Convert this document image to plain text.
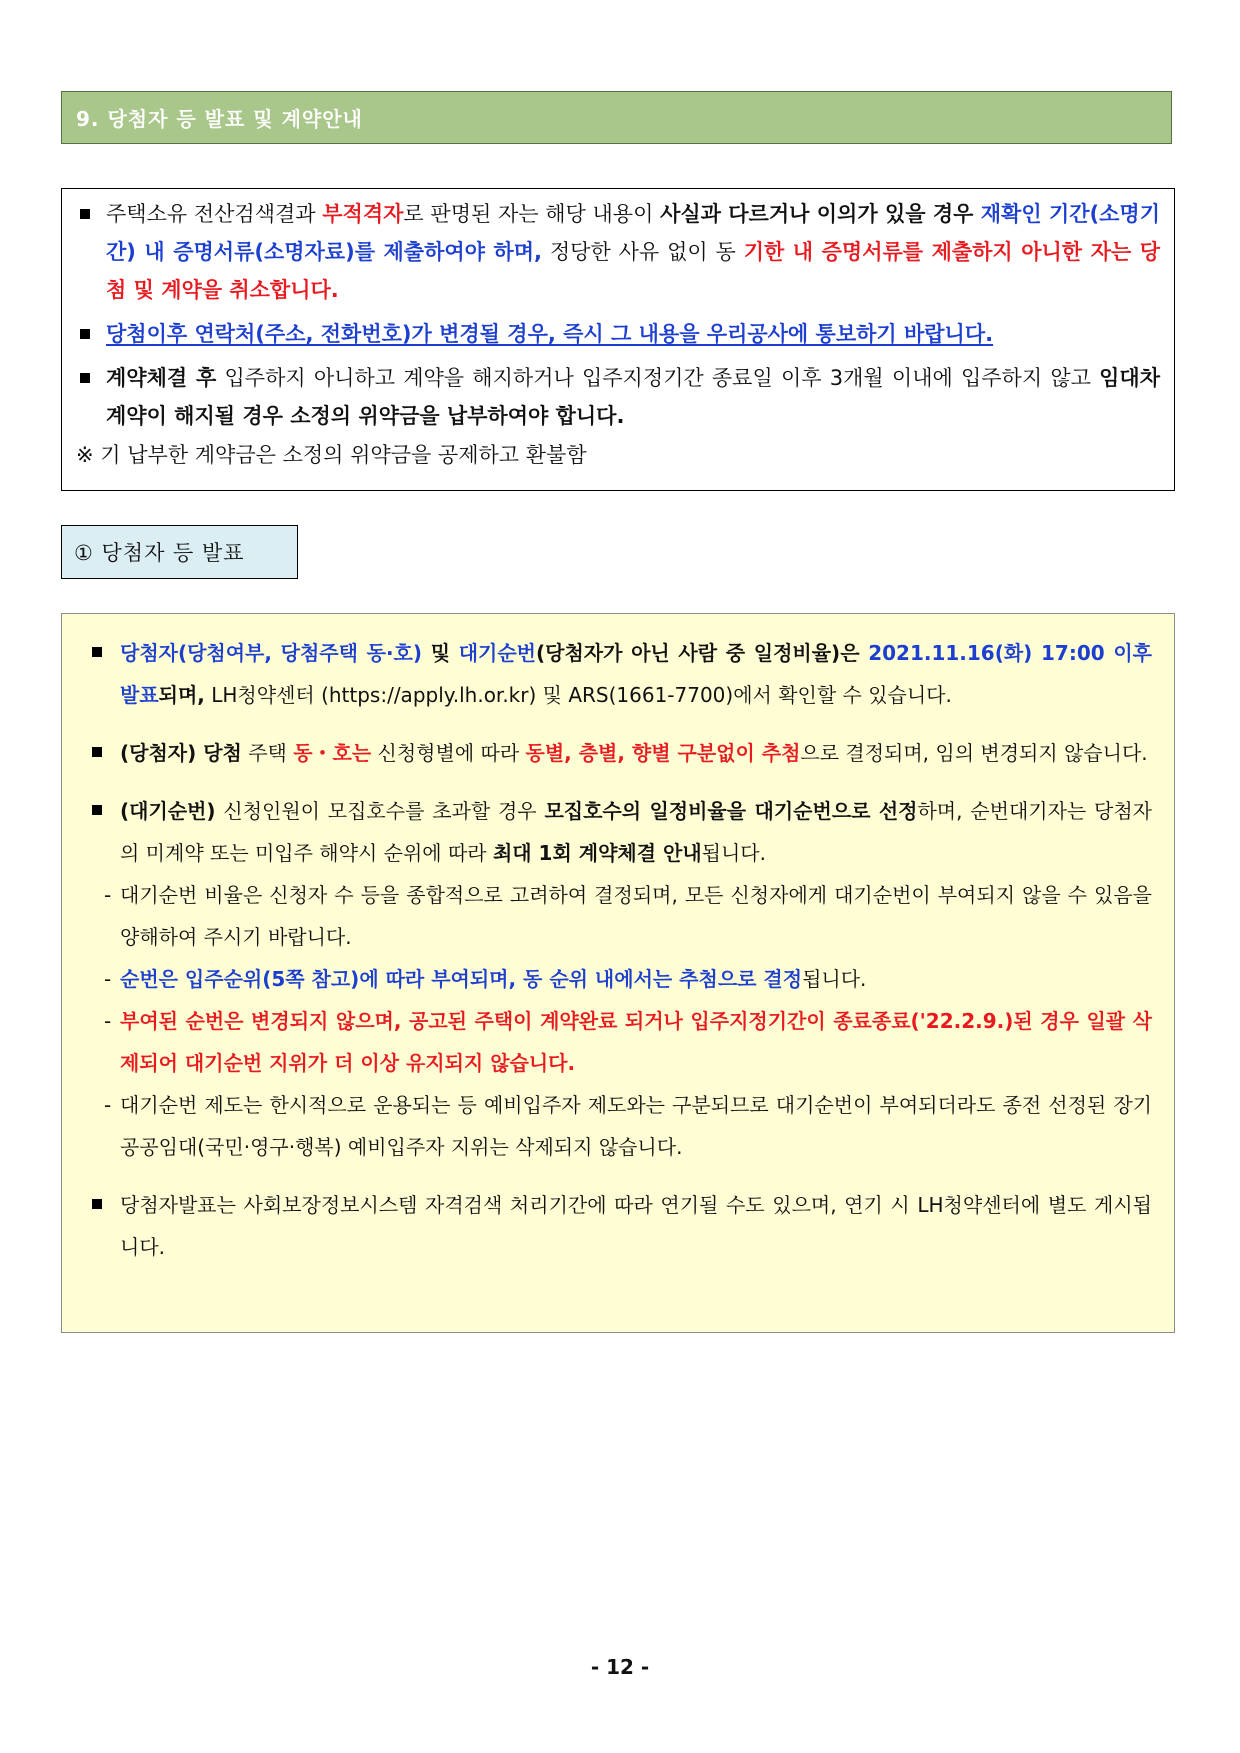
9. 당첨자 등 발표 및 계약안내
주택소유 전산검색결과 부적격자로 판명된 자는 해당 내용이 사실과 다르거나 이의가 있을 경우 재확인 기간(소명기간) 내 증명서류(소명자료)를 제출하여야 하며, 정당한 사유 없이 동 기한 내 증명서류를 제출하지 아니한 자는 당첨 및 계약을 취소합니다.
당첨이후 연락처(주소, 전화번호)가 변경될 경우, 즉시 그 내용을 우리공사에 통보하기 바랍니다.
계약체결 후 입주하지 아니하고 계약을 해지하거나 입주지정기간 종료일 이후 3개월 이내에 입주하지 않고 임대차계약이 해지될 경우 소정의 위약금을 납부하여야 합니다.
※ 기 납부한 계약금은 소정의 위약금을 공제하고 환불함
① 당첨자 등 발표
당첨자(당첨여부, 당첨주택 동·호) 및 대기순번(당첨자가 아닌 사람 중 일정비율)은 2021.11.16(화) 17:00 이후 발표되며, LH청약센터 (https://apply.lh.or.kr) 및 ARS(1661-7700)에서 확인할 수 있습니다.
(당첨자) 당첨 주택 동・호는 신청형별에 따라 동별, 층별, 향별 구분없이 추첨으로 결정되며, 임의 변경되지 않습니다.
(대기순번) 신청인원이 모집호수를 초과할 경우 모집호수의 일정비율을 대기순번으로 선정하며, 순번대기자는 당첨자의 미계약 또는 미입주 해약시 순위에 따라 최대 1회 계약체결 안내됩니다.
- 대기순번 비율은 신청자 수 등을 종합적으로 고려하여 결정되며, 모든 신청자에게 대기순번이 부여되지 않을 수 있음을 양해하여 주시기 바랍니다.
- 순번은 입주순위(5쪽 참고)에 따라 부여되며, 동 순위 내에서는 추첨으로 결정됩니다.
- 부여된 순번은 변경되지 않으며, 공고된 주택이 계약완료 되거나 입주지정기간이 종료종료('22.2.9.)된 경우 일괄 삭제되어 대기순번 지위가 더 이상 유지되지 않습니다.
- 대기순번 제도는 한시적으로 운용되는 등 예비입주자 제도와는 구분되므로 대기순번이 부여되더라도 종전 선정된 장기공공임대(국민·영구·행복) 예비입주자 지위는 삭제되지 않습니다.
당첨자발표는 사회보장정보시스템 자격검색 처리기간에 따라 연기될 수도 있으며, 연기 시 LH청약센터에 별도 게시됩니다.
- 12 -
